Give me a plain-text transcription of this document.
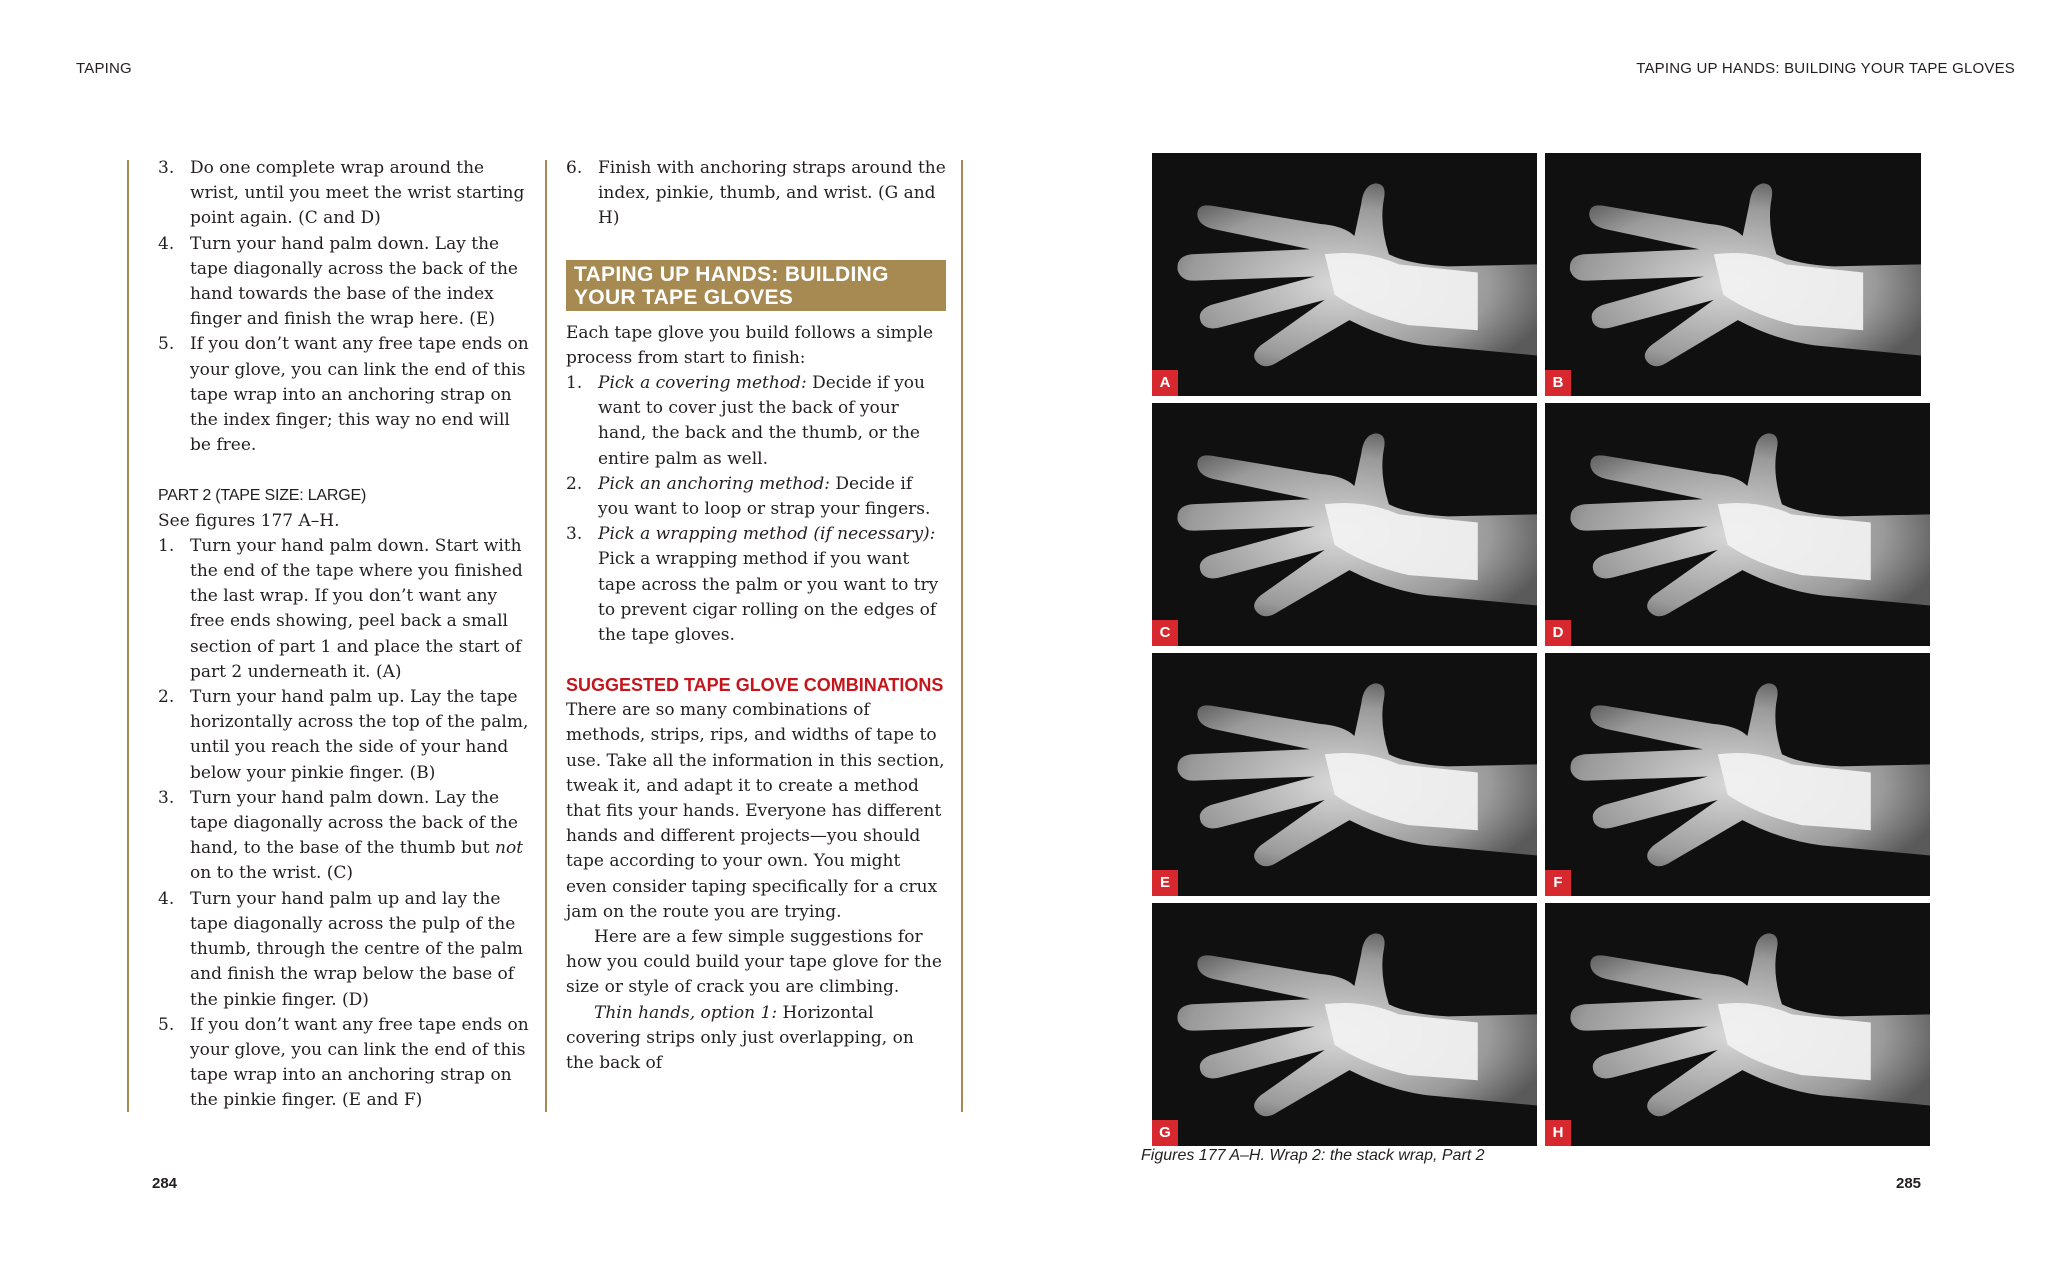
TAPING	TAPING UP HANDS: BUILDING YOUR TAPE GLOVES
284	285
3. Do one complete wrap around the wrist, until you meet the wrist starting point again. (C and D)
4. Turn your hand palm down. Lay the tape diagonally across the back of the hand towards the base of the index finger and finish the wrap here. (E)
5. If you don’t want any free tape ends on your glove, you can link the end of this tape wrap into an anchoring strap on the index finger; this way no end will be free.
PART 2 (TAPE SIZE: LARGE)

See figures 177 A–H.

1. Turn your hand palm down. Start with the end of the tape where you finished the last wrap. If you don’t want any free ends showing, peel back a small section of part 1 and place the start of part 2 underneath it. (A)
2. Turn your hand palm up. Lay the tape horizontally across the top of the palm, until you reach the side of your hand below your pinkie finger. (B)
3. Turn your hand palm down. Lay the tape diagonally across the back of the hand, to the base of the thumb but not on to the wrist. (C)
4. Turn your hand palm up and lay the tape diagonally across the pulp of the thumb, through the centre of the palm and finish the wrap below the base of the pinkie finger. (D)
5. If you don’t want any free tape ends on your glove, you can link the end of this tape wrap into an anchoring strap on the pinkie finger. (E and F)
6. Finish with anchoring straps around the index, pinkie, thumb, and wrist. (G and H)
TAPING UP HANDS: BUILDING YOUR TAPE GLOVES

Each tape glove you build follows a simple process from start to finish:

1. Pick a covering method: Decide if you want to cover just the back of your hand, the back and the thumb, or the entire palm as well.
2. Pick an anchoring method: Decide if you want to loop or strap your fingers.
3. Pick a wrapping method (if necessary): Pick a wrapping method if you want tape across the palm or you want to try to prevent cigar rolling on the edges of the tape gloves.
SUGGESTED TAPE GLOVE COMBINATIONS

There are so many combinations of methods, strips, rips, and widths of tape to use. Take all the information in this section, tweak it, and adapt it to create a method that fits your hands. Everyone has different hands and different projects—you should tape according to your own. You might even consider taping specifically for a crux jam on the route you are trying.

Here are a few simple suggestions for how you could build your tape glove for the size or style of crack you are climbing.

Thin hands, option 1: Horizontal covering strips only just overlapping, on the back of

A	B
C	D
E	F
G	H
Figures 177 A–H. Wrap 2: the stack wrap, Part 2
